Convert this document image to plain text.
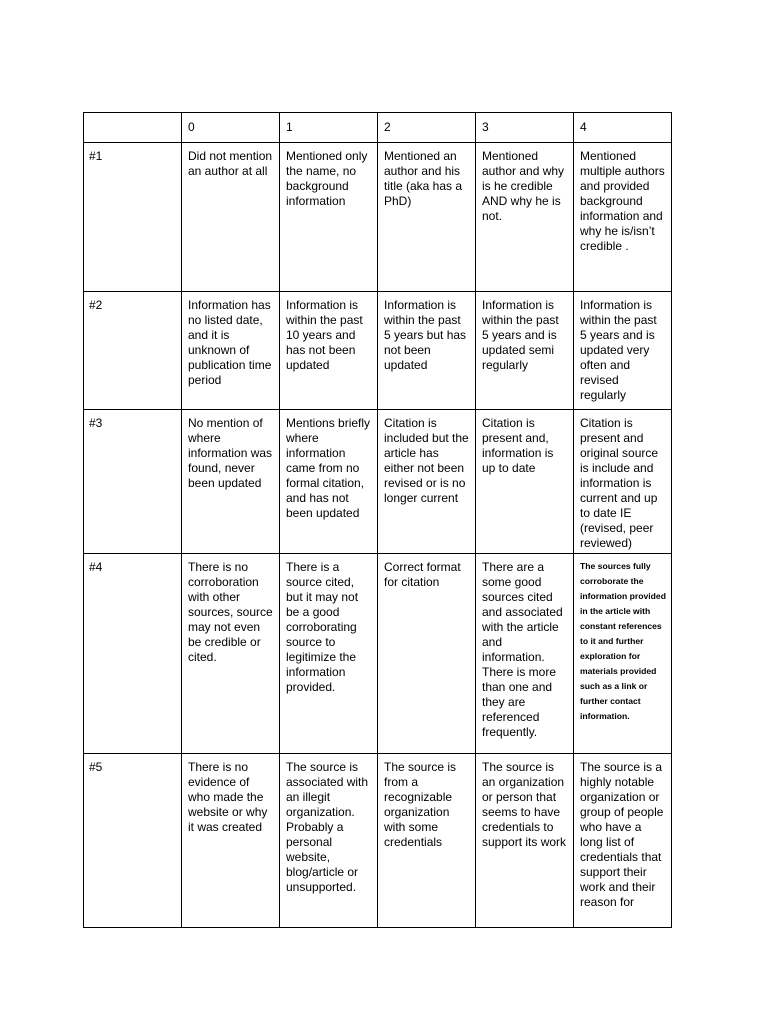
	0	1	2	3	4
#1	Did not mention an author at all	Mentioned only the name, no background information	Mentioned an author and his title (aka has a PhD)	Mentioned author and why is he credible AND why he is not.	Mentioned multiple authors and provided background information and why he is/isn’t credible .
#2	Information has no listed date, and it is unknown of publication time period	Information is within the past 10 years and has not been updated	Information is within the past 5 years but has not been updated	Information is within the past 5 years and is updated semi regularly	Information is within the past 5 years and is updated very often and revised regularly
#3	No mention of where information was found, never been updated	Mentions briefly where information came from no formal citation, and has not been updated	Citation is included but the article has either not been revised or is no longer current	Citation is present and, information is up to date	Citation is present and original source is include and information is current and up to date IE (revised, peer reviewed)
#4	There is no corroboration with other sources, source may not even be credible or cited.	There is a source cited, but it may not be a good corroborating source to legitimize the information provided.	Correct format for citation	There are a some good sources cited and associated with the article and information. There is more than one and they are referenced frequently.	The sources fully corroborate the information provided in the article with constant references to it and further exploration for materials provided such as a link or further contact information.
#5	There is no evidence of who made the website or why it was created	The source is associated with an illegit organization. Probably a personal website, blog/article or unsupported.	The source is from a recognizable organization with some credentials	The source is an organization or person that seems to have credentials to support its work	The source is a highly notable organization or group of people who have a long list of credentials that support their work and their reason for
